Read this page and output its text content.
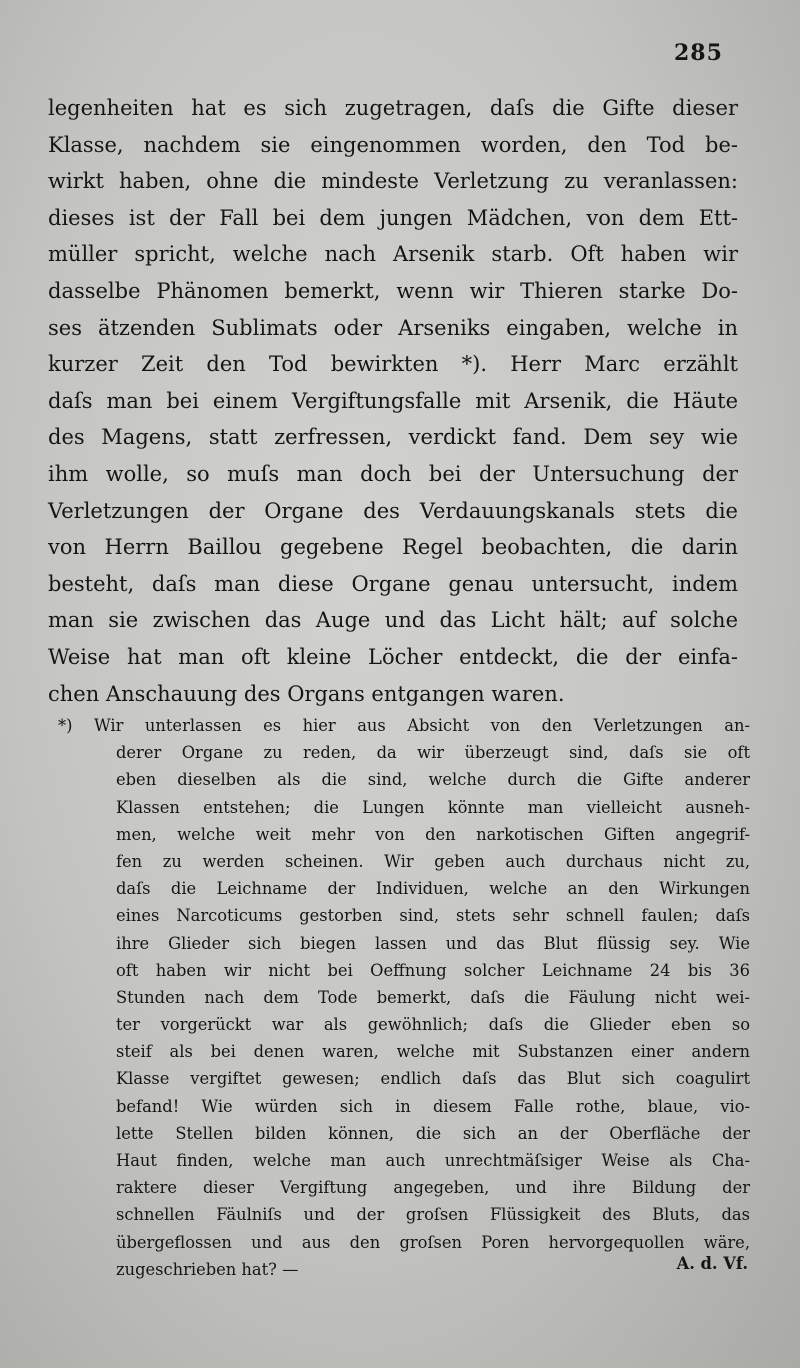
285
legenheiten hat es sich zugetragen, daſs die Gifte dieser
Klasse, nachdem sie eingenommen worden, den Tod be-
wirkt haben, ohne die mindeste Verletzung zu veranlassen:
dieses ist der Fall bei dem jungen Mädchen, von dem Ett-
müller spricht, welche nach Arsenik starb. Oft haben wir
dasselbe Phänomen bemerkt, wenn wir Thieren starke Do-
ses ätzenden Sublimats oder Arseniks eingaben, welche in
kurzer Zeit den Tod bewirkten *). Herr Marc erzählt
daſs man bei einem Vergiftungsfalle mit Arsenik, die Häute
des Magens, statt zerfressen, verdickt fand. Dem sey wie
ihm wolle, so muſs man doch bei der Untersuchung der
Verletzungen der Organe des Verdauungskanals stets die
von Herrn Baillou gegebene Regel beobachten, die darin
besteht, daſs man diese Organe genau untersucht, indem
man sie zwischen das Auge und das Licht hält; auf solche
Weise hat man oft kleine Löcher entdeckt, die der einfa-
chen Anschauung des Organs entgangen waren.
*) Wir unterlassen es hier aus Absicht von den Verletzungen an-
derer Organe zu reden, da wir überzeugt sind, daſs sie oft
eben dieselben als die sind, welche durch die Gifte anderer
Klassen entstehen; die Lungen könnte man vielleicht ausneh-
men, welche weit mehr von den narkotischen Giften angegrif-
fen zu werden scheinen. Wir geben auch durchaus nicht zu,
daſs die Leichname der Individuen, welche an den Wirkungen
eines Narcoticums gestorben sind, stets sehr schnell faulen; daſs
ihre Glieder sich biegen lassen und das Blut flüssig sey. Wie
oft haben wir nicht bei Oeffnung solcher Leichname 24 bis 36
Stunden nach dem Tode bemerkt, daſs die Fäulung nicht wei-
ter vorgerückt war als gewöhnlich; daſs die Glieder eben so
steif als bei denen waren, welche mit Substanzen einer andern
Klasse vergiftet gewesen; endlich daſs das Blut sich coagulirt
befand! Wie würden sich in diesem Falle rothe, blaue, vio-
lette Stellen bilden können, die sich an der Oberfläche der
Haut finden, welche man auch unrechtmäſsiger Weise als Cha-
raktere dieser Vergiftung angegeben, und ihre Bildung der
schnellen Fäulniſs und der groſsen Flüssigkeit des Bluts, das
übergeflossen und aus den groſsen Poren hervorgequollen wäre,
zugeschrieben hat? —	A. d. Vf.
